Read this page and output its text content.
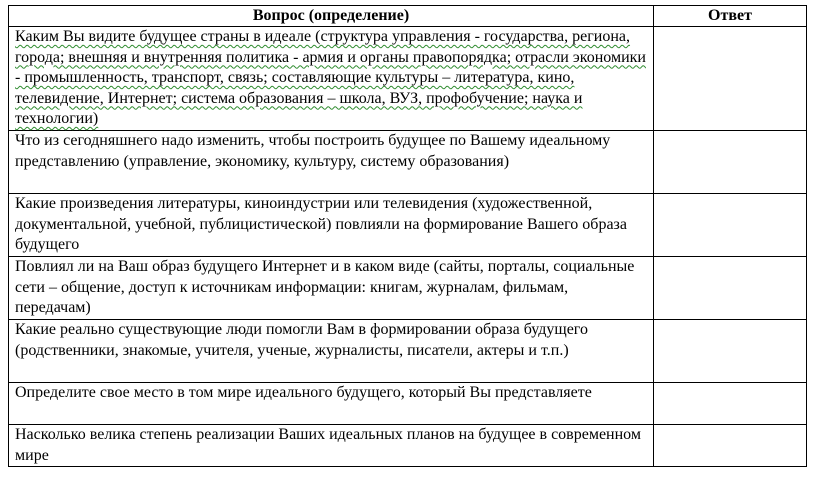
Вопрос (определение)	Ответ
Каким Вы видите будущее страны в идеале (структура управления - государства, региона, города; внешняя и внутренняя политика - армия и органы правопорядка; отрасли экономики - промышленность, транспорт, связь; составляющие культуры – литература, кино, телевидение, Интернет; система образования – школа, ВУЗ, профобучение; наука и технологии)	
Что из сегодняшнего надо изменить, чтобы построить будущее по Вашему идеальному представлению (управление, экономику, культуру, систему образования)	
Какие произведения литературы, киноиндустрии или телевидения (художественной, документальной, учебной, публицистической) повлияли на формирование Вашего образа будущего	
Повлиял ли на Ваш образ будущего Интернет и в каком виде (сайты, порталы, социальные сети – общение, доступ к источникам информации: книгам, журналам, фильмам, передачам)	
Какие реально существующие люди помогли Вам в формировании образа будущего (родственники, знакомые, учителя, ученые, журналисты, писатели, актеры и т.п.)	
Определите свое место в том мире идеального будущего, который Вы представляете	
Насколько велика степень реализации Ваших идеальных планов на будущее в современном мире	
